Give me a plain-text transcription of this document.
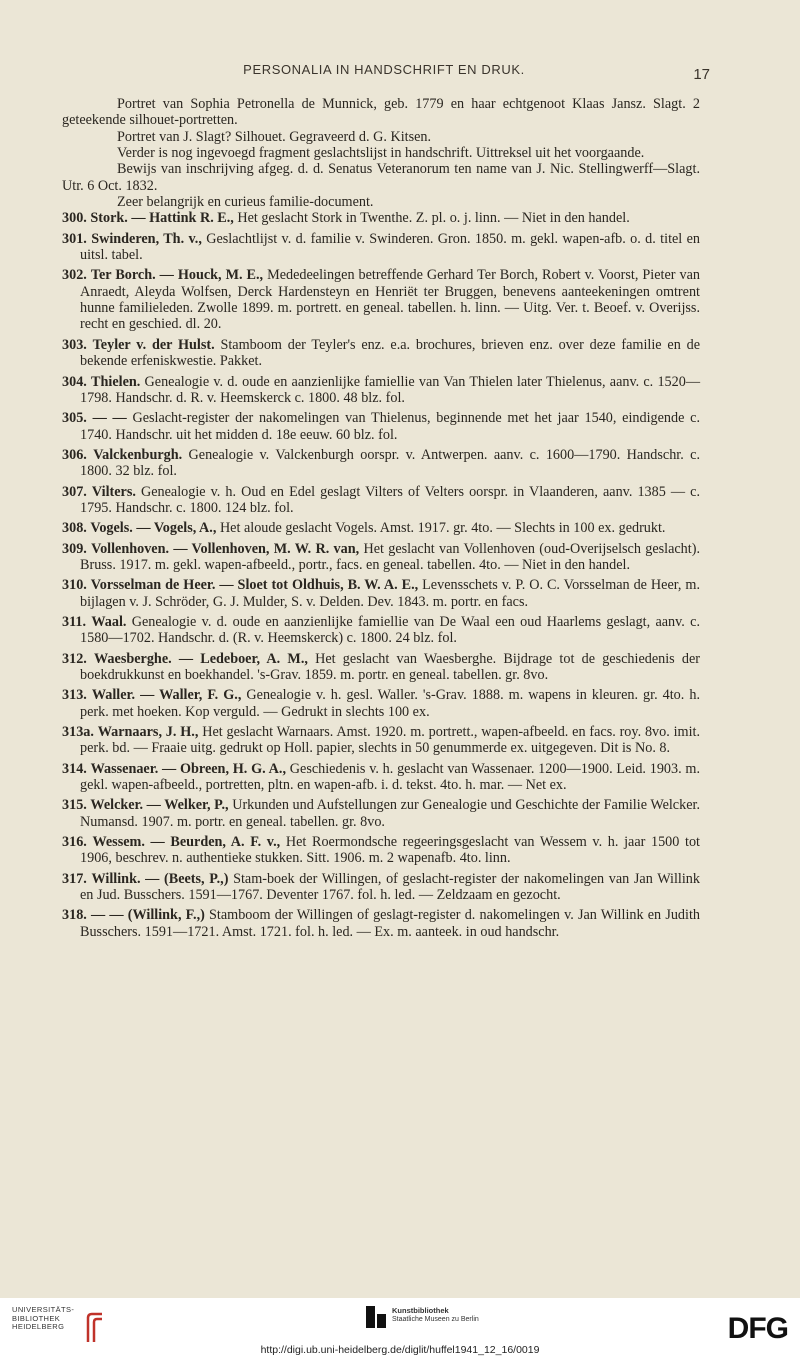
PERSONALIA IN HANDSCHRIFT EN DRUK.	17

Portret van Sophia Petronella de Munnick, geb. 1779 en haar echtgenoot Klaas Jansz. Slagt. 2 geteekende silhouet-portretten.

Portret van J. Slagt? Silhouet. Gegraveerd d. G. Kitsen.

Verder is nog ingevoegd fragment geslachtslijst in handschrift. Uittreksel uit het voorgaande.

Bewijs van inschrijving afgeg. d. d. Senatus Veteranorum ten name van J. Nic. Stellingwerff—Slagt. Utr. 6 Oct. 1832.

Zeer belangrijk en curieus familie-document.

300. Stork. — Hattink R. E., Het geslacht Stork in Twenthe. Z. pl. o. j. linn. — Niet in den handel.

301. Swinderen, Th. v., Geslachtlijst v. d. familie v. Swinderen. Gron. 1850. m. gekl. wapen-afb. o. d. titel en uitsl. tabel.

302. Ter Borch. — Houck, M. E., Mededeelingen betreffende Gerhard Ter Borch, Robert v. Voorst, Pieter van Anraedt, Aleyda Wolfsen, Derck Hardensteyn en Henriët ter Bruggen, benevens aanteekeningen omtrent hunne familieleden. Zwolle 1899. m. portrett. en geneal. tabellen. h. linn. — Uitg. Ver. t. Beoef. v. Overijss. recht en geschied. dl. 20.

303. Teyler v. der Hulst. Stamboom der Teyler's enz. e.a. brochures, brieven enz. over deze familie en de bekende erfeniskwestie. Pakket.

304. Thielen. Genealogie v. d. oude en aanzienlijke famiellie van Van Thielen later Thielenus, aanv. c. 1520—1798. Handschr. d. R. v. Heemskerck c. 1800. 48 blz. fol.

305. — — Geslacht-register der nakomelingen van Thielenus, beginnende met het jaar 1540, eindigende c. 1740. Handschr. uit het midden d. 18e eeuw. 60 blz. fol.

306. Valckenburgh. Genealogie v. Valckenburgh oorspr. v. Antwerpen. aanv. c. 1600—1790. Handschr. c. 1800. 32 blz. fol.

307. Vilters. Genealogie v. h. Oud en Edel geslagt Vilters of Velters oorspr. in Vlaanderen, aanv. 1385 — c. 1795. Handschr. c. 1800. 124 blz. fol.

308. Vogels. — Vogels, A., Het aloude geslacht Vogels. Amst. 1917. gr. 4to. — Slechts in 100 ex. gedrukt.

309. Vollenhoven. — Vollenhoven, M. W. R. van, Het geslacht van Vollenhoven (oud-Overijselsch geslacht). Bruss. 1917. m. gekl. wapen-afbeeld., portr., facs. en geneal. tabellen. 4to. — Niet in den handel.

310. Vorsselman de Heer. — Sloet tot Oldhuis, B. W. A. E., Levensschets v. P. O. C. Vorsselman de Heer, m. bijlagen v. J. Schröder, G. J. Mulder, S. v. Delden. Dev. 1843. m. portr. en facs.

311. Waal. Genealogie v. d. oude en aanzienlijke famiellie van De Waal een oud Haarlems geslagt, aanv. c. 1580—1702. Handschr. d. (R. v. Heemskerck) c. 1800. 24 blz. fol.

312. Waesberghe. — Ledeboer, A. M., Het geslacht van Waesberghe. Bijdrage tot de geschiedenis der boekdrukkunst en boekhandel. 's-Grav. 1859. m. portr. en geneal. tabellen. gr. 8vo.

313. Waller. — Waller, F. G., Genealogie v. h. gesl. Waller. 's-Grav. 1888. m. wapens in kleuren. gr. 4to. h. perk. met hoeken. Kop verguld. — Gedrukt in slechts 100 ex.

313a. Warnaars, J. H., Het geslacht Warnaars. Amst. 1920. m. portrett., wapen-afbeeld. en facs. roy. 8vo. imit. perk. bd. — Fraaie uitg. gedrukt op Holl. papier, slechts in 50 genummerde ex. uitgegeven. Dit is No. 8.

314. Wassenaer. — Obreen, H. G. A., Geschiedenis v. h. geslacht van Wassenaer. 1200—1900. Leid. 1903. m. gekl. wapen-afbeeld., portretten, pltn. en wapen-afb. i. d. tekst. 4to. h. mar. — Net ex.

315. Welcker. — Welker, P., Urkunden und Aufstellungen zur Genealogie und Geschichte der Familie Welcker. Numansd. 1907. m. portr. en geneal. tabellen. gr. 8vo.

316. Wessem. — Beurden, A. F. v., Het Roermondsche regeeringsgeslacht van Wessem v. h. jaar 1500 tot 1906, beschrev. n. authentieke stukken. Sitt. 1906. m. 2 wapenafb. 4to. linn.

317. Willink. — (Beets, P.,) Stam-boek der Willingen, of geslacht-register der nakomelingen van Jan Willink en Jud. Busschers. 1591—1767. Deventer 1767. fol. h. led. — Zeldzaam en gezocht.

318. — — (Willink, F.,) Stamboom der Willingen of geslagt-register d. nakomelingen v. Jan Willink en Judith Busschers. 1591—1721. Amst. 1721. fol. h. led. — Ex. m. aanteek. in oud handschr.

UNIVERSITÄTS-
BIBLIOTHEK
HEIDELBERG
Kunstbibliothek
Staatliche Museen zu Berlin	DFG
http://digi.ub.uni-heidelberg.de/diglit/huffel1941_12_16/0019
